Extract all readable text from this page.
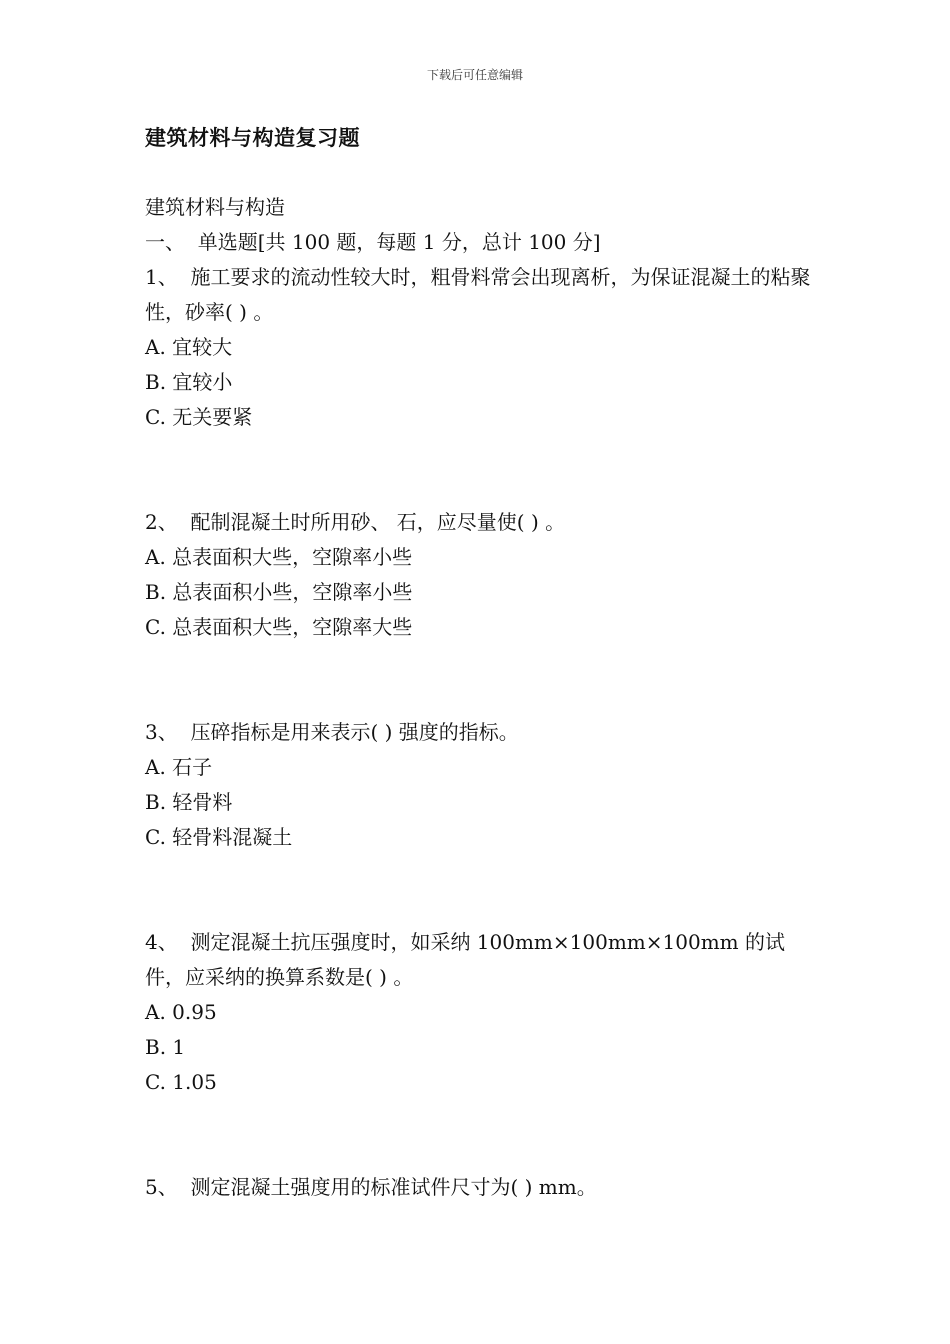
下载后可任意编辑
建筑材料与构造复习题
建筑材料与构造
一、  单选题[共 100 题，每题 1 分，总计 100 分]
1、  施工要求的流动性较大时，粗骨料常会出现离析，为保证混凝土的粘聚性，砂率( ) 。
A. 宜较大
B. 宜较小
C. 无关要紧
2、  配制混凝土时所用砂、 石，应尽量使( ) 。
A. 总表面积大些，空隙率小些
B. 总表面积小些，空隙率小些
C. 总表面积大些，空隙率大些
3、  压碎指标是用来表示( ) 强度的指标。
A. 石子
B. 轻骨料
C. 轻骨料混凝土
4、  测定混凝土抗压强度时，如采纳 100mm×100mm×100mm 的试件，应采纳的换算系数是( ) 。
A. 0.95
B. 1
C. 1.05
5、  测定混凝土强度用的标准试件尺寸为( ) mm。
